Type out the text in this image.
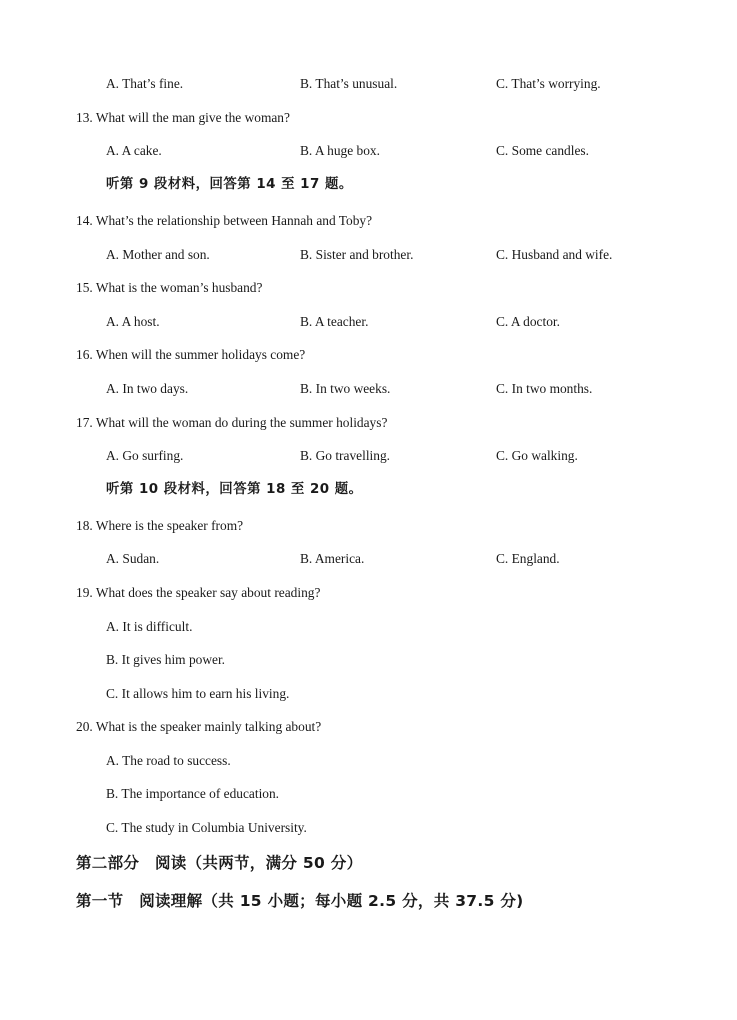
A. That’s fine.	B. That’s unusual.	C. That’s worrying.
13. What will the man give the woman?
A. A cake.	B. A huge box.	C. Some candles.
听第 9 段材料，回答第 14 至 17 题。
14. What’s the relationship between Hannah and Toby?
A. Mother and son.	B. Sister and brother.	C. Husband and wife.
15. What is the woman’s husband?
A. A host.	B. A teacher.	C. A doctor.
16. When will the summer holidays come?
A. In two days.	B. In two weeks.	C. In two months.
17. What will the woman do during the summer holidays?
A. Go surfing.	B. Go travelling.	C. Go walking.
听第 10 段材料，回答第 18 至 20 题。
18. Where is the speaker from?
A. Sudan.	B. America.	C. England.
19. What does the speaker say about reading?
A. It is difficult.
B. It gives him power.
C. It allows him to earn his living.
20. What is the speaker mainly talking about?
A. The road to success.
B. The importance of education.
C. The study in Columbia University.
第二部分　阅读（共两节，满分 50 分）
第一节　阅读理解（共 15 小题；每小题 2.5 分，共 37.5 分)
